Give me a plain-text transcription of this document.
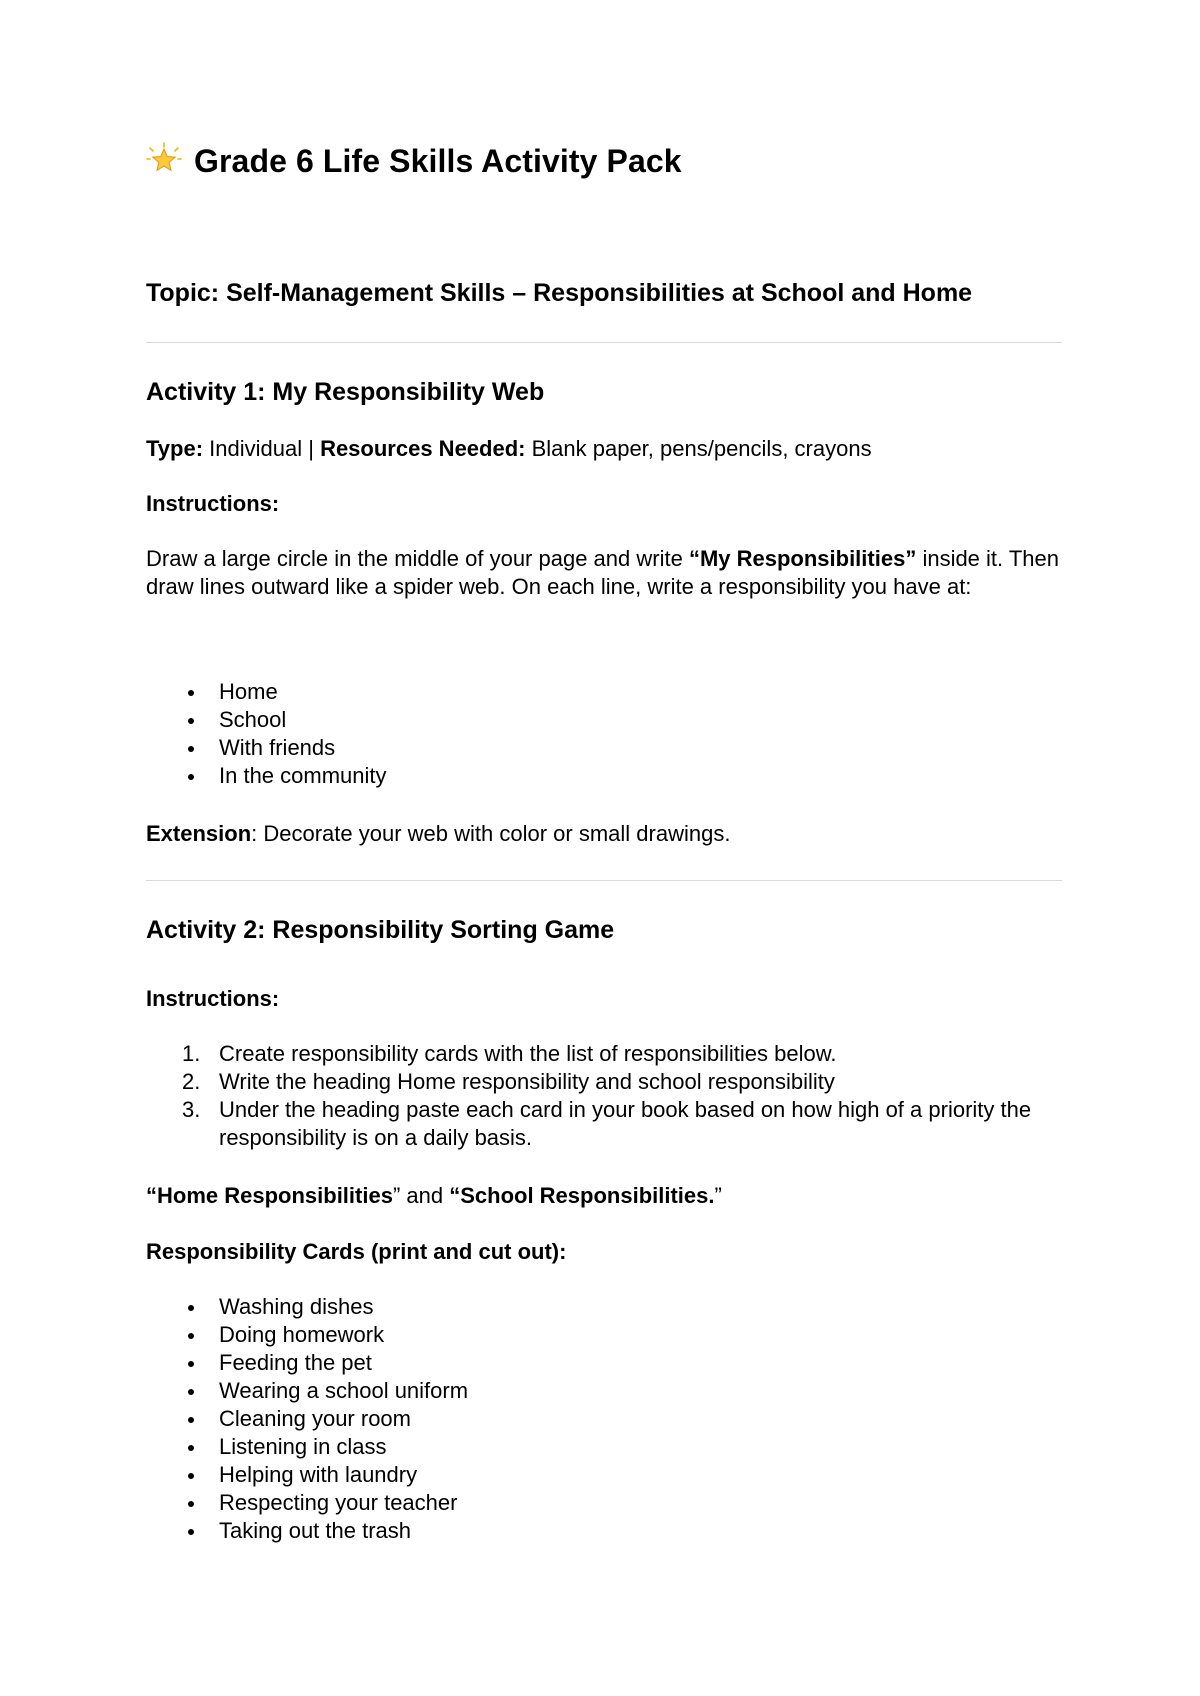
Grade 6 Life Skills Activity Pack
Topic: Self-Management Skills – Responsibilities at School and Home
Activity 1: My Responsibility Web

Type: Individual | Resources Needed: Blank paper, pens/pencils, crayons

Instructions:

Draw a large circle in the middle of your page and write “My Responsibilities” inside it. Then draw lines outward like a spider web. On each line, write a responsibility you have at:

Home
School
With friends
In the community

Extension: Decorate your web with color or small drawings.

Activity 2: Responsibility Sorting Game

Instructions:

1. Create responsibility cards with the list of responsibilities below.
2. Write the heading Home responsibility and school responsibility
3. Under the heading paste each card in your book based on how high of a priority the responsibility is on a daily basis.

“Home Responsibilities” and “School Responsibilities.”

Responsibility Cards (print and cut out):

Washing dishes
Doing homework
Feeding the pet
Wearing a school uniform
Cleaning your room
Listening in class
Helping with laundry
Respecting your teacher
Taking out the trash
